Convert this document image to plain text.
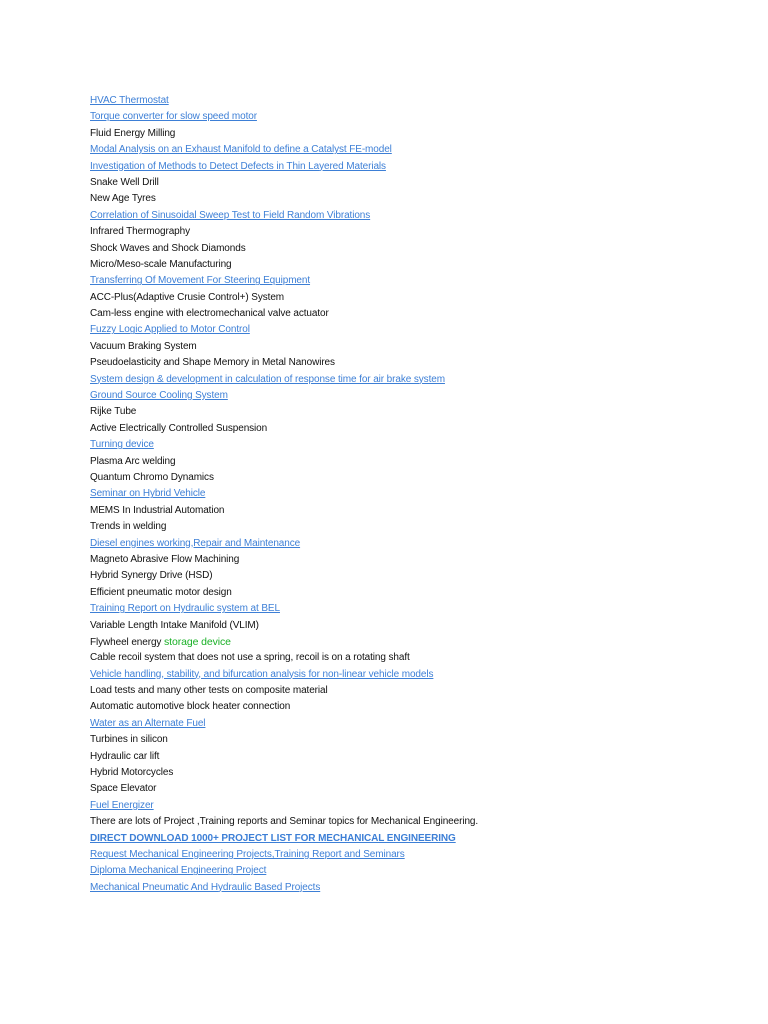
HVAC Thermostat
Torque converter for slow speed motor
Fluid Energy Milling
Modal Analysis on an Exhaust Manifold to define a Catalyst FE-model
Investigation of Methods to Detect Defects in Thin Layered Materials
Snake Well Drill
New Age Tyres
Correlation of Sinusoidal Sweep Test to Field Random Vibrations
Infrared Thermography
Shock Waves and Shock Diamonds
Micro/Meso-scale Manufacturing
Transferring Of Movement For Steering Equipment
ACC-Plus(Adaptive Crusie Control+) System
Cam-less engine with electromechanical valve actuator
Fuzzy Logic Applied to Motor Control
Vacuum Braking System
Pseudoelasticity and Shape Memory in Metal Nanowires
System design & development in calculation of response time for air brake system
Ground Source Cooling System
Rijke Tube
Active Electrically Controlled Suspension
Turning device
Plasma Arc welding
Quantum Chromo Dynamics
Seminar on Hybrid Vehicle
MEMS In Industrial Automation
Trends in welding
Diesel engines working,Repair and Maintenance
Magneto Abrasive Flow Machining
Hybrid Synergy Drive (HSD)
Efficient pneumatic motor design
Training Report on Hydraulic system at BEL
Variable Length Intake Manifold (VLIM)
Flywheel energy storage device
Cable recoil system that does not use a spring, recoil is on a rotating shaft
Vehicle handling, stability, and bifurcation analysis for non-linear vehicle models
Load tests and many other tests on composite material
Automatic automotive block heater connection
Water as an Alternate Fuel
Turbines in silicon
Hydraulic car lift
Hybrid Motorcycles
Space Elevator
Fuel Energizer
There are lots of Project ,Training reports and Seminar topics for Mechanical Engineering.
DIRECT DOWNLOAD 1000+ PROJECT LIST FOR MECHANICAL ENGINEERING
Request Mechanical Engineering Projects,Training Report and Seminars
Diploma Mechanical Engineering Project
Mechanical Pneumatic And Hydraulic Based Projects
